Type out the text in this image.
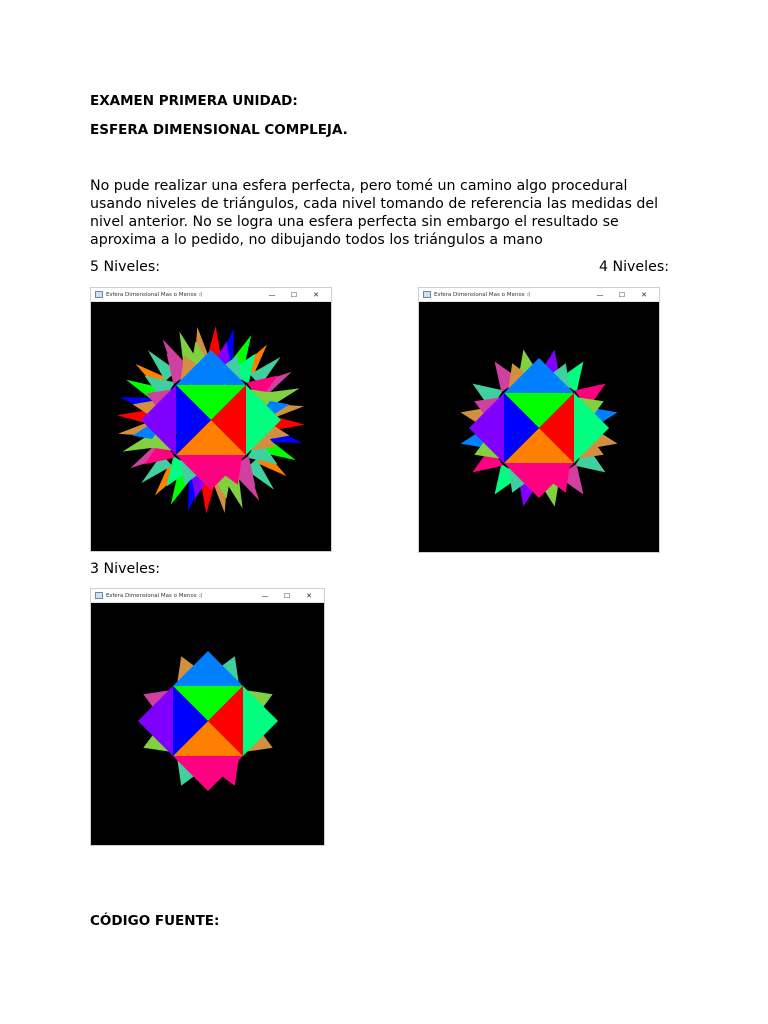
EXAMEN PRIMERA UNIDAD:

ESFERA DIMENSIONAL COMPLEJA.

No pude realizar una esfera perfecta, pero tomé un camino algo procedural usando niveles de triángulos, cada nivel tomando de referencia las medidas del nivel anterior. No se logra una esfera perfecta sin embargo el resultado se aproxima a lo pedido, no dibujando todos los triángulos a mano

5 Niveles:	4 Niveles:

3 Niveles:

Esfera Dimensional Mas o Menos :(	—	☐	✕	Esfera Dimensional Mas o Menos :(	—	☐	✕
Esfera Dimensional Mas o Menos :(	—	☐	✕

CÓDIGO FUENTE:
